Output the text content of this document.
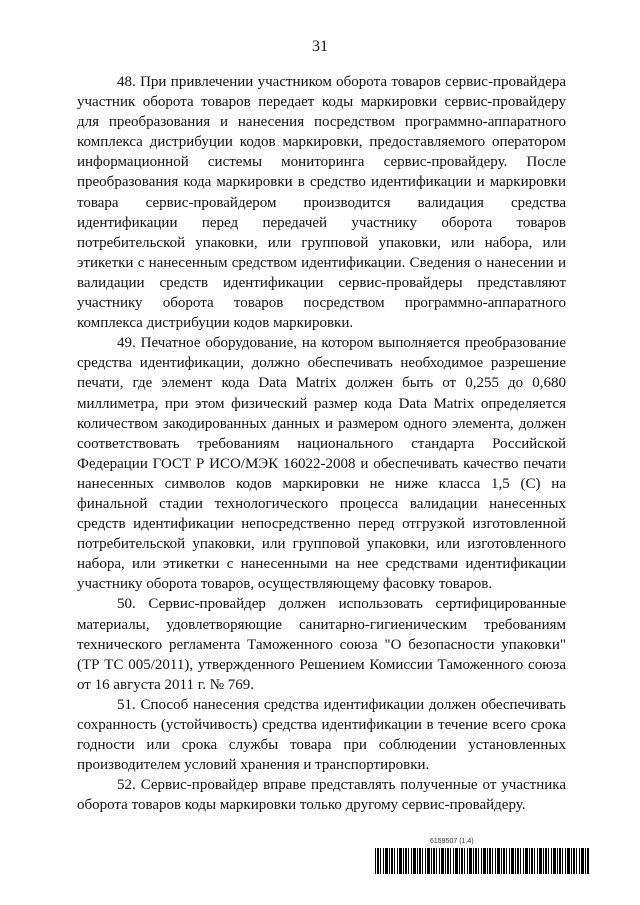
31

48. При привлечении участником оборота товаров сервис-провайдера участник оборота товаров передает коды маркировки сервис-провайдеру для преобразования и нанесения посредством программно-аппаратного комплекса дистрибуции кодов маркировки, предоставляемого оператором информационной системы мониторинга сервис-провайдеру. После преобразования кода маркировки в средство идентификации и маркировки товара сервис-провайдером производится валидация средства идентификации перед передачей участнику оборота товаров потребительской упаковки, или групповой упаковки, или набора, или этикетки с нанесенным средством идентификации. Сведения о нанесении и валидации средств идентификации сервис-провайдеры представляют участнику оборота товаров посредством программно-аппаратного комплекса дистрибуции кодов маркировки.

49. Печатное оборудование, на котором выполняется преобразование средства идентификации, должно обеспечивать необходимое разрешение печати, где элемент кода Data Matrix должен быть от 0,255 до 0,680 миллиметра, при этом физический размер кода Data Matrix определяется количеством закодированных данных и размером одного элемента, должен соответствовать требованиям национального стандарта Российской Федерации ГОСТ Р ИСО/МЭК 16022-2008 и обеспечивать качество печати нанесенных символов кодов маркировки не ниже класса 1,5 (С) на финальной стадии технологического процесса валидации нанесенных средств идентификации непосредственно перед отгрузкой изготовленной потребительской упаковки, или групповой упаковки, или изготовленного набора, или этикетки с нанесенными на нее средствами идентификации участнику оборота товаров, осуществляющему фасовку товаров.

50. Сервис-провайдер должен использовать сертифицированные материалы, удовлетворяющие санитарно-гигиеническим требованиям технического регламента Таможенного союза "О безопасности упаковки" (ТР ТС 005/2011), утвержденного Решением Комиссии Таможенного союза от 16 августа 2011 г. № 769.

51. Способ нанесения средства идентификации должен обеспечивать сохранность (устойчивость) средства идентификации в течение всего срока годности или срока службы товара при соблюдении установленных производителем условий хранения и транспортировки.

52. Сервис-провайдер вправе представлять полученные от участника оборота товаров коды маркировки только другому сервис-провайдеру.

6159507 (1.4)
